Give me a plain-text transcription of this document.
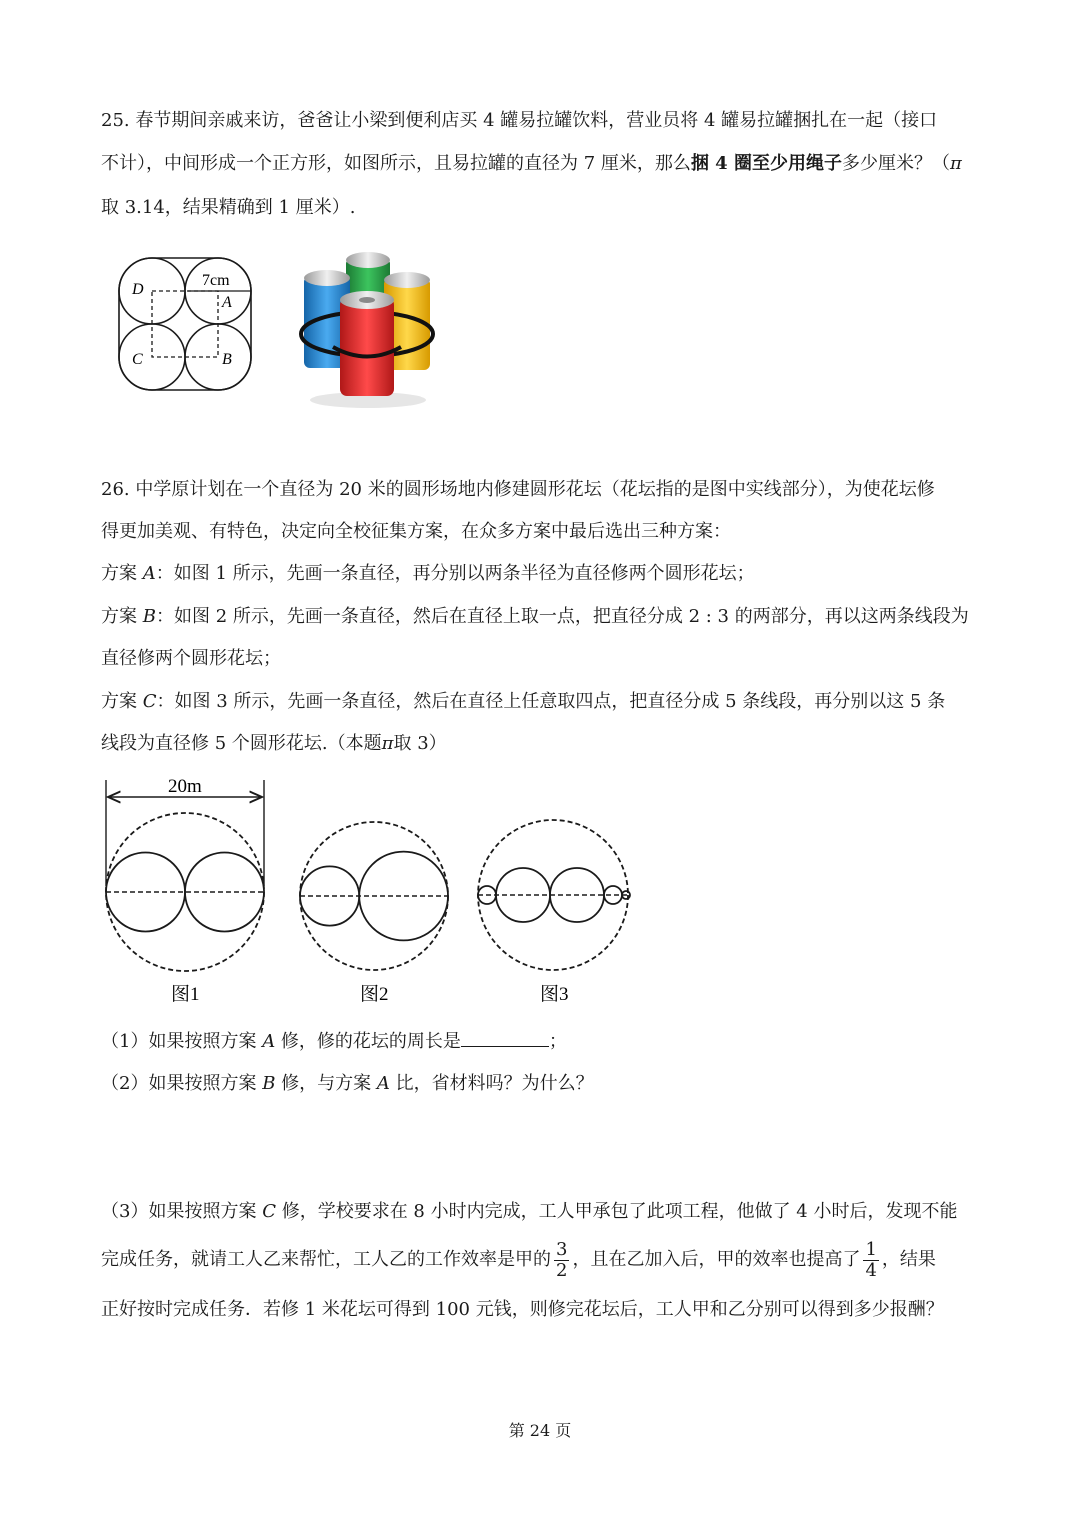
25. 春节期间亲戚来访，爸爸让小梁到便利店买 4 罐易拉罐饮料，营业员将 4 罐易拉罐捆扎在一起（接口
不计），中间形成一个正方形，如图所示，且易拉罐的直径为 7 厘米，那么捆 4 圈至少用绳子多少厘米？（π
取 3.14，结果精确到 1 厘米）.
7cm
D
A
C	B
26. 中学原计划在一个直径为 20 米的圆形场地内修建圆形花坛（花坛指的是图中实线部分），为使花坛修
得更加美观、有特色，决定向全校征集方案，在众多方案中最后选出三种方案：
方案 A：如图 1 所示，先画一条直径，再分别以两条半径为直径修两个圆形花坛；
方案 B：如图 2 所示，先画一条直径，然后在直径上取一点，把直径分成 2 : 3 的两部分，再以这两条线段为
直径修两个圆形花坛；
方案 C：如图 3 所示，先画一条直径，然后在直径上任意取四点，把直径分成 5 条线段，再分别以这 5 条
线段为直径修 5 个圆形花坛.（本题π取 3）
20m
图1	图2	图3
（1）如果按照方案 A 修，修的花坛的周长是	；
（2）如果按照方案 B 修，与方案 A 比，省材料吗？为什么？
（3）如果按照方案 C 修，学校要求在 8 小时内完成，工人甲承包了此项工程，他做了 4 小时后，发现不能
完成任务，就请工人乙来帮忙，工人乙的工作效率是甲的 $\frac{3}{2}$ ，且在乙加入后，甲的效率也提高了 $\frac{1}{4}$ ，结果
正好按时完成任务．若修 1 米花坛可得到 100 元钱，则修完花坛后，工人甲和乙分别可以得到多少报酬？
第 24 页
